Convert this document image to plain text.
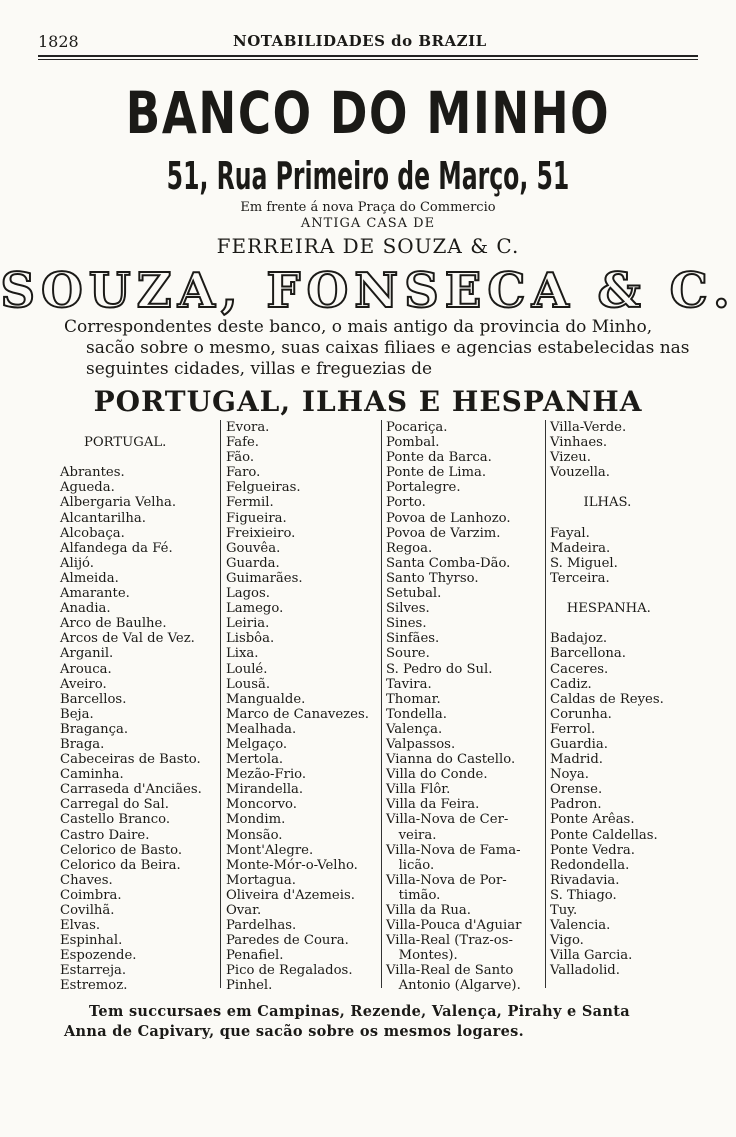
1828	NOTABILIDADES do BRAZIL
BANCO DO MINHO
51, Rua Primeiro de Março, 51
Em frente á nova Praça do Commercio
ANTIGA CASA DE
FERREIRA DE SOUZA & C.
SOUZA, FONSECA & C.
Correspondentes deste banco, o mais antigo da provincia do Minho,
sacão sobre o mesmo, suas caixas filiaes e agencias estabelecidas nas
seguintes cidades, villas e freguezias de
PORTUGAL, ILHAS E HESPANHA
PORTUGAL.
Abrantes.
Agueda.
Albergaria Velha.
Alcantarilha.
Alcobaça.
Alfandega da Fé.
Alijó.
Almeida.
Amarante.
Anadia.
Arco de Baulhe.
Arcos de Val de Vez.
Arganil.
Arouca.
Aveiro.
Barcellos.
Beja.
Bragança.
Braga.
Cabeceiras de Basto.
Caminha.
Carraseda d'Anciães.
Carregal do Sal.
Castello Branco.
Castro Daire.
Celorico de Basto.
Celorico da Beira.
Chaves.
Coimbra.
Covilhã.
Elvas.
Espinhal.
Espozende.
Estarreja.
Estremoz.
Evora.
Fafe.
Fão.
Faro.
Felgueiras.
Fermil.
Figueira.
Freixieiro.
Gouvêa.
Guarda.
Guimarães.
Lagos.
Lamego.
Leiria.
Lisbôa.
Lixa.
Loulé.
Lousã.
Mangualde.
Marco de Canavezes.
Mealhada.
Melgaço.
Mertola.
Mezão-Frio.
Mirandella.
Moncorvo.
Mondim.
Monsão.
Mont'Alegre.
Monte-Mór-o-Velho.
Mortagua.
Oliveira d'Azemeis.
Ovar.
Pardelhas.
Paredes de Coura.
Penafiel.
Pico de Regalados.
Pinhel.
Pocariça.
Pombal.
Ponte da Barca.
Ponte de Lima.
Portalegre.
Porto.
Povoa de Lanhozo.
Povoa de Varzim.
Regoa.
Santa Comba-Dão.
Santo Thyrso.
Setubal.
Silves.
Sines.
Sinfães.
Soure.
S. Pedro do Sul.
Tavira.
Thomar.
Tondella.
Valença.
Valpassos.
Vianna do Castello.
Villa do Conde.
Villa Flôr.
Villa da Feira.
Villa-Nova de Cer-
veira.
Villa-Nova de Fama-
licão.
Villa-Nova de Por-
timão.
Villa da Rua.
Villa-Pouca d'Aguiar
Villa-Real (Traz-os-
Montes).
Villa-Real de Santo
Antonio (Algarve).
Villa-Verde.
Vinhaes.
Vizeu.
Vouzella.
ILHAS.
Fayal.
Madeira.
S. Miguel.
Terceira.
HESPANHA.
Badajoz.
Barcellona.
Caceres.
Cadiz.
Caldas de Reyes.
Corunha.
Ferrol.
Guardia.
Madrid.
Noya.
Orense.
Padron.
Ponte Arêas.
Ponte Caldellas.
Ponte Vedra.
Redondella.
Rivadavia.
S. Thiago.
Tuy.
Valencia.
Vigo.
Villa Garcia.
Valladolid.
Tem succursaes em Campinas, Rezende, Valença, Pirahy e Santa
Anna de Capivary, que sacão sobre os mesmos logares.
